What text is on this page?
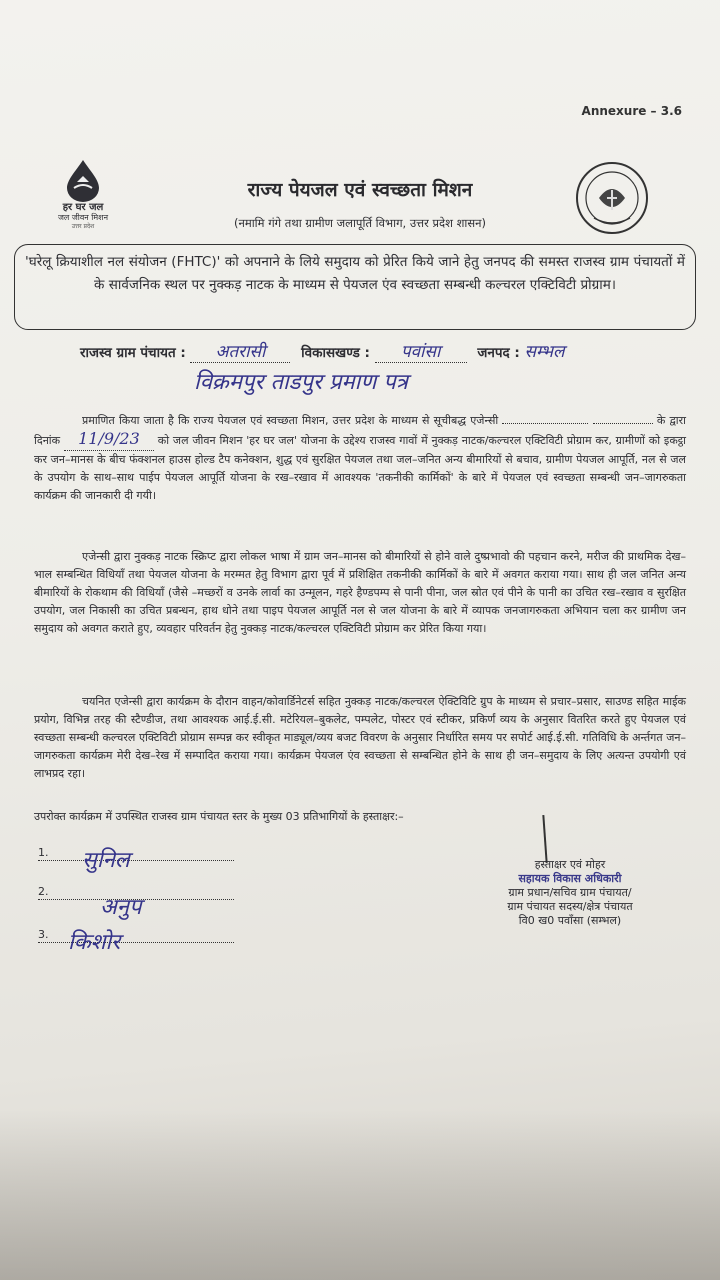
Annexure – 3.6
हर घर जल
जल जीवन मिशन
उत्तर प्रदेश
राज्य पेयजल एवं स्वच्छता मिशन
(नमामि गंगे तथा ग्रामीण जलापूर्ति विभाग, उत्तर प्रदेश शासन)
'घरेलू क्रियाशील नल संयोजन (FHTC)' को अपनाने के लिये समुदाय को प्रेरित किये जाने हेतु जनपद की समस्त राजस्व ग्राम पंचायतों में के सार्वजनिक स्थल पर नुक्कड़ नाटक के माध्यम से पेयजल एंव स्वच्छता सम्बन्धी कल्चरल एक्टिविटी प्रोग्राम।
राजस्व ग्राम पंचायत : अतरासी	विकासखण्ड : पवांसा	जनपद : सम्भल
विक्रमपुर ताडपुर प्रमाण पत्र
प्रमाणित किया जाता है कि राज्य पेयजल एवं स्वच्छता मिशन, उत्तर प्रदेश के माध्यम से सूचीबद्ध एजेन्सी	के द्वारा दिनांक 11/9/23 को जल जीवन मिशन 'हर घर जल' योजना के उद्देश्य राजस्व गावों में नुक्कड़ नाटक/कल्चरल एक्टिविटी प्रोग्राम कर, ग्रामीणों को इकट्ठा कर जन–मानस के बीच फंक्शनल हाउस होल्ड टैप कनेक्शन, शुद्ध एवं सुरक्षित पेयजल तथा जल–जनित अन्य बीमारियों से बचाव, ग्रामीण पेयजल आपूर्ति, नल से जल के उपयोग के साथ–साथ पाईप पेयजल आपूर्ति योजना के रख–रखाव में आवश्यक 'तकनीकी कार्मिकों' के बारे में पेयजल एवं स्वच्छता सम्बन्धी जन–जागरुकता कार्यक्रम की जानकारी दी गयी।
एजेन्सी द्वारा नुक्कड़ नाटक स्क्रिप्ट द्वारा लोकल भाषा में ग्राम जन–मानस को बीमारियों से होने वाले दुष्प्रभावो की पहचान करने, मरीज की प्राथमिक देख–भाल सम्बन्धित विधियाँ तथा पेयजल योजना के मरम्मत हेतु विभाग द्वारा पूर्व में प्रशिक्षित तकनीकी कार्मिकों के बारे में अवगत कराया गया। साथ ही जल जनित अन्य बीमारियों के रोकथाम की विधियाँ (जैसे –मच्छरों व उनके लार्वा का उन्मूलन, गहरे हैण्डपम्प से पानी पीना, जल स्रोत एवं पीने के पानी का उचित रख–रखाव व सुरक्षित उपयोग, जल निकासी का उचित प्रबन्धन, हाथ धोने तथा पाइप पेयजल आपूर्ति नल से जल योजना के बारे में व्यापक जनजागरुकता अभियान चला कर ग्रामीण जन समुदाय को अवगत कराते हुए, व्यवहार परिवर्तन हेतु नुक्कड़ नाटक/कल्चरल एक्टिविटी प्रोग्राम कर प्रेरित किया गया।
चयनित एजेन्सी द्वारा कार्यक्रम के दौरान वाहन/कोवार्डिनेटर्स सहित नुक्कड़ नाटक/कल्चरल ऐक्टिविटि ग्रुप के माध्यम से प्रचार–प्रसार, साउण्ड सहित माईक प्रयोग, विभिन्न तरह की स्टैण्डीज, तथा आवश्यक आई.ई.सी. मटेरियल–बुकलेट, पम्पलेट, पोस्टर एवं स्टीकर, प्रकिर्णं व्यय के अनुसार वितरित करते हुए पेयजल एवं स्वच्छता सम्बन्धी कल्चरल एक्टिविटी प्रोग्राम सम्पन्न कर स्वीकृत माड्यूल/व्यय बजट विवरण के अनुसार निर्धारित समय पर सपोर्ट आई.ई.सी. गतिविधि के अर्न्तगत जन–जागरुकता कार्यक्रम मेरी देख–रेख में सम्पादित कराया गया। कार्यक्रम पेयजल एंव स्वच्छता से सम्बन्धित होने के साथ ही जन–समुदाय के लिए अत्यन्त उपयोगी एवं लाभप्रद रहा।
उपरोक्त कार्यक्रम में उपस्थित राजस्व ग्राम पंचायत स्तर के मुख्य 03 प्रतिभागियों के हस्ताक्षर:–
1.
2.
3.
सुनिल
अनुप
किशोर
हस्ताक्षर एवं मोहर
सहायक विकास अधिकारी
ग्राम प्रधान/सचिव ग्राम पंचायत/
ग्राम पंचायत सदस्य/क्षेत्र पंचायत
वि0 ख0 पवाँसा (सम्भल)
